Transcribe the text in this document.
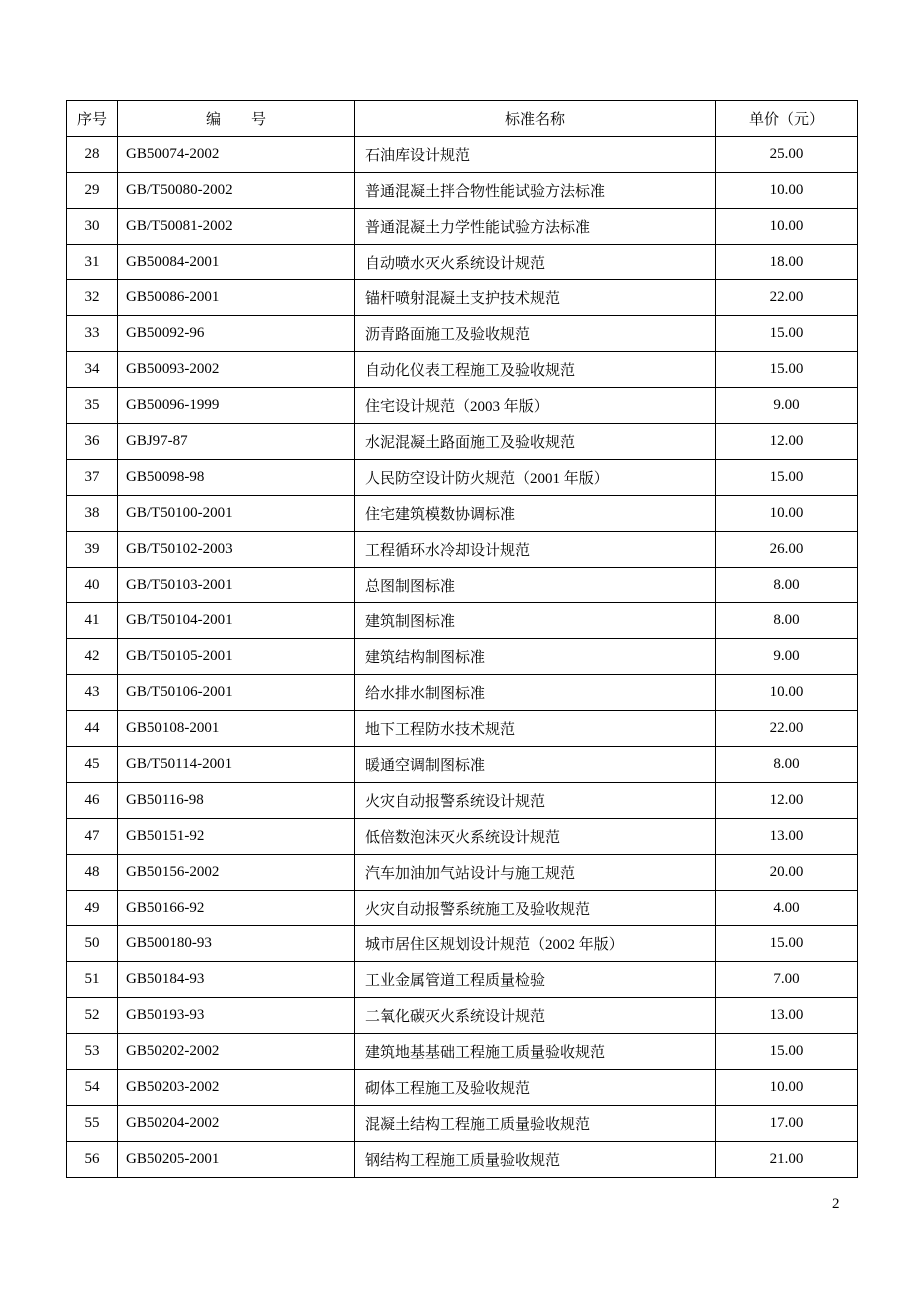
序号	编　　号	标准名称	单价（元）
28	GB50074-2002	石油库设计规范	25.00
29	GB/T50080-2002	普通混凝土拌合物性能试验方法标准	10.00
30	GB/T50081-2002	普通混凝土力学性能试验方法标准	10.00
31	GB50084-2001	自动喷水灭火系统设计规范	18.00
32	GB50086-2001	锚杆喷射混凝土支护技术规范	22.00
33	GB50092-96	沥青路面施工及验收规范	15.00
34	GB50093-2002	自动化仪表工程施工及验收规范	15.00
35	GB50096-1999	住宅设计规范（2003 年版）	9.00
36	GBJ97-87	水泥混凝土路面施工及验收规范	12.00
37	GB50098-98	人民防空设计防火规范（2001 年版）	15.00
38	GB/T50100-2001	住宅建筑模数协调标准	10.00
39	GB/T50102-2003	工程循环水冷却设计规范	26.00
40	GB/T50103-2001	总图制图标准	8.00
41	GB/T50104-2001	建筑制图标准	8.00
42	GB/T50105-2001	建筑结构制图标准	9.00
43	GB/T50106-2001	给水排水制图标准	10.00
44	GB50108-2001	地下工程防水技术规范	22.00
45	GB/T50114-2001	暖通空调制图标准	8.00
46	GB50116-98	火灾自动报警系统设计规范	12.00
47	GB50151-92	低倍数泡沫灭火系统设计规范	13.00
48	GB50156-2002	汽车加油加气站设计与施工规范	20.00
49	GB50166-92	火灾自动报警系统施工及验收规范	4.00
50	GB500180-93	城市居住区规划设计规范（2002 年版）	15.00
51	GB50184-93	工业金属管道工程质量检验	7.00
52	GB50193-93	二氧化碳灭火系统设计规范	13.00
53	GB50202-2002	建筑地基基础工程施工质量验收规范	15.00
54	GB50203-2002	砌体工程施工及验收规范	10.00
55	GB50204-2002	混凝土结构工程施工质量验收规范	17.00
56	GB50205-2001	钢结构工程施工质量验收规范	21.00
2
